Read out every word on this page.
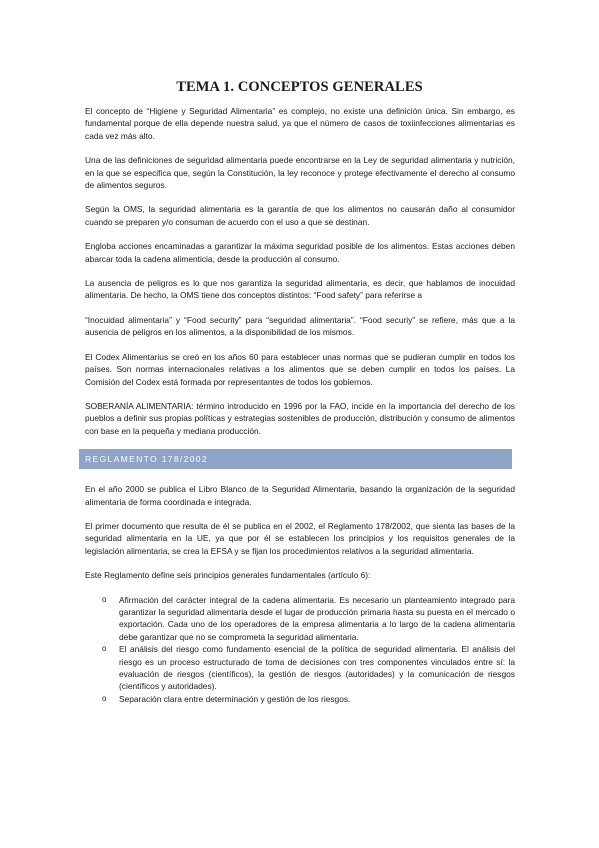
TEMA 1. CONCEPTOS GENERALES

El concepto de “Higiene y Seguridad Alimentaria” es complejo, no existe una definición única. Sin embargo, es fundamental porque de ella depende nuestra salud, ya que el número de casos de toxiinfecciones alimentarias es cada vez más alto.

Una de las definiciones de seguridad alimentaria puede encontrarse en la Ley de seguridad alimentaria y nutrición, en la que se especifica que, según la Constitución, la ley reconoce y protege efectivamente el derecho al consumo de alimentos seguros.

Según la OMS, la seguridad alimentaria es la garantía de que los alimentos no causarán daño al consumidor cuando se preparen y/o consuman de acuerdo con el uso a que se destinan.

Engloba acciones encaminadas a garantizar la máxima seguridad posible de los alimentos. Estas acciones deben abarcar toda la cadena alimenticia, desde la producción al consumo.

La ausencia de peligros es lo que nos garantiza la seguridad alimentaria, es decir, que hablamos de inocuidad alimentaria. De hecho, la OMS tiene dos conceptos distintos: “Food safety” para referirse a

“Inocuidad alimentaria” y “Food security” para “seguridad alimentaria”. “Food securiy” se refiere, más que a la ausencia de peligros en los alimentos, a la disponibilidad de los mismos.

El Codex Alimentarius se creó en los años 60 para establecer unas normas que se pudieran cumplir en todos los países. Son normas internacionales relativas a los alimentos que se deben cumplir en todos los países. La Comisión del Codex está formada por representantes de todos los gobiernos.

SOBERANÍA ALIMENTARIA: término introducido en 1996 por la FAO, incide en la importancia del derecho de los pueblos a definir sus propias políticas y estrategias sostenibles de producción, distribución y consumo de alimentos con base en la pequeña y mediana producción.

REGLAMENTO 178/2002

En el año 2000 se publica el Libro Blanco de la Seguridad Alimentaria, basando la organización de la seguridad alimentaria de forma coordinada e integrada.

El primer documento que resulta de él se publica en el 2002, el Reglamento 178/2002, que sienta las bases de la seguridad alimentaria en la UE, ya que por él se establecen los principios y los requisitos generales de la legislación alimentaria, se crea la EFSA y se fijan los procedimientos relativos a la seguridad alimentaria.

Este Reglamento define seis principios generales fundamentales (artículo 6):

o Afirmación del carácter integral de la cadena alimentaria. Es necesario un planteamiento integrado para garantizar la seguridad alimentaria desde el lugar de producción primaria hasta su puesta en el mercado o exportación. Cada uno de los operadores de la empresa alimentaria a lo largo de la cadena alimentaria debe garantizar que no se comprometa la seguridad alimentaria.
o El análisis del riesgo como fundamento esencial de la política de seguridad alimentaria. El análisis del riesgo es un proceso estructurado de toma de decisiones con tres componentes vinculados entre sí: la evaluación de riesgos (científicos), la gestión de riesgos (autoridades) y la comunicación de riesgos (científicos y autoridades).
o Separación clara entre determinación y gestión de los riesgos.
